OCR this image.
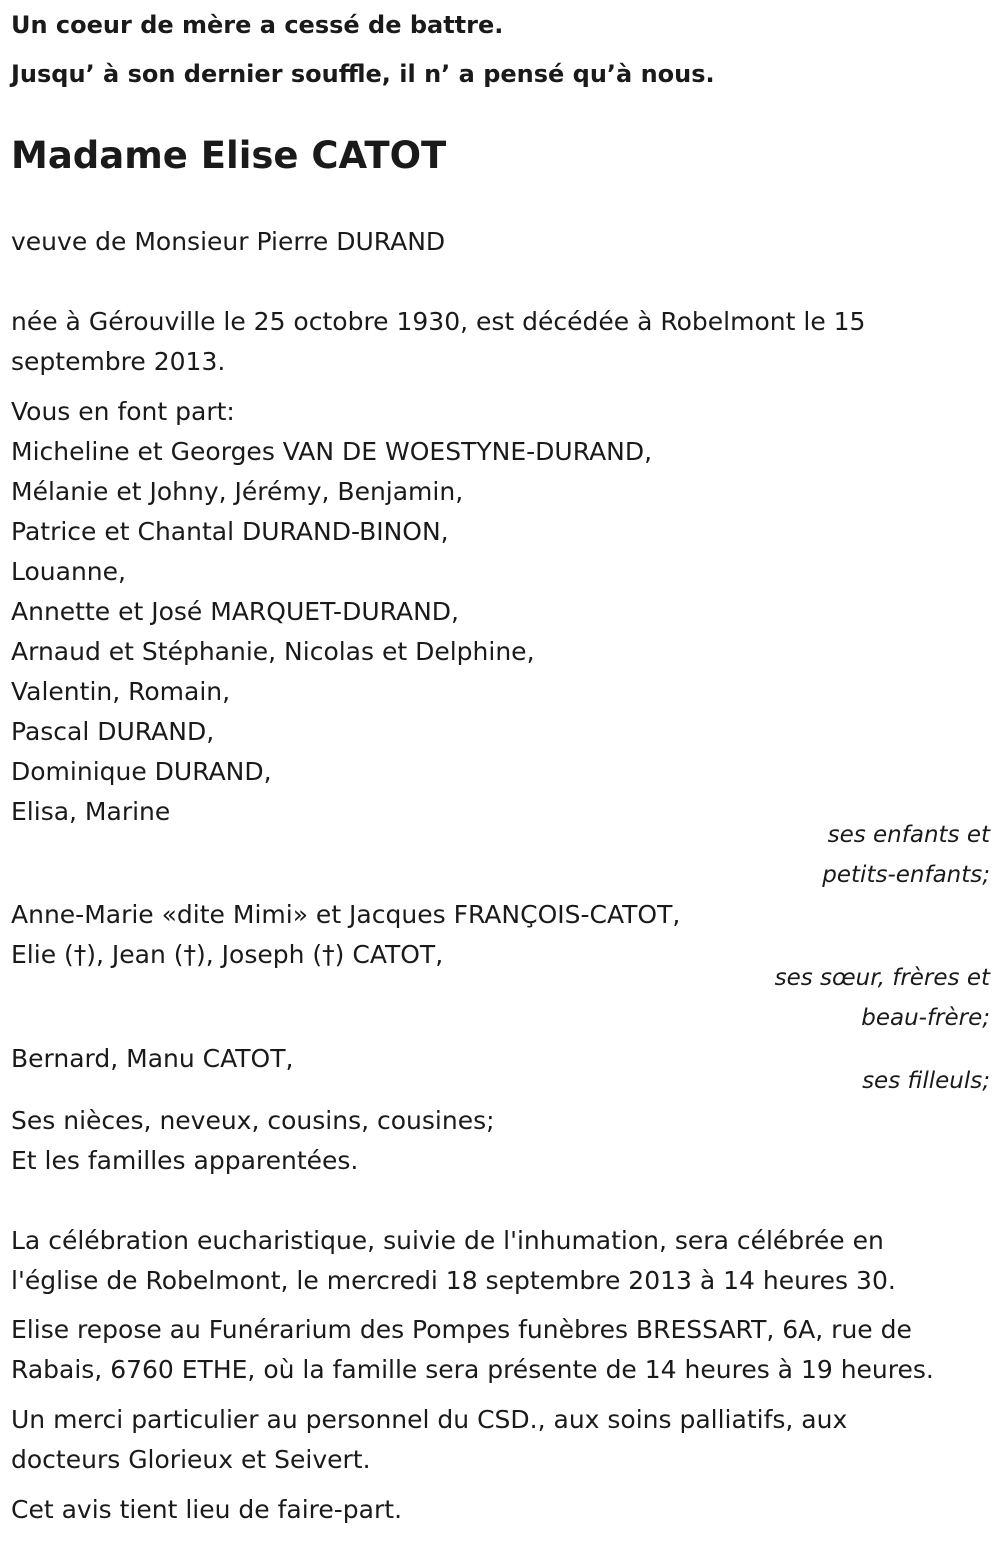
Un coeur de mère a cessé de battre.
Jusqu’ à son dernier souffle, il n’ a pensé qu’à nous.
Madame Elise CATOT
veuve de Monsieur Pierre DURAND
née à Gérouville le 25 octobre 1930, est décédée à Robelmont le 15
septembre 2013.
Vous en font part:
Micheline et Georges VAN DE WOESTYNE-DURAND,
Mélanie et Johny, Jérémy, Benjamin,
Patrice et Chantal DURAND-BINON,
Louanne,
Annette et José MARQUET-DURAND,
Arnaud et Stéphanie, Nicolas et Delphine,
Valentin, Romain,
Pascal DURAND,
Dominique DURAND,
Elisa, Marine
ses enfants et
petits-enfants;
Anne-Marie «dite Mimi» et Jacques FRANÇOIS-CATOT,
Elie (†), Jean (†), Joseph (†) CATOT,
ses sœur, frères et
beau-frère;
Bernard, Manu CATOT,
ses filleuls;
Ses nièces, neveux, cousins, cousines;
Et les familles apparentées.
La célébration eucharistique, suivie de l'inhumation, sera célébrée en
l'église de Robelmont, le mercredi 18 septembre 2013 à 14 heures 30.
Elise repose au Funérarium des Pompes funèbres BRESSART, 6A, rue de
Rabais, 6760 ETHE, où la famille sera présente de 14 heures à 19 heures.
Un merci particulier au personnel du CSD., aux soins palliatifs, aux
docteurs Glorieux et Seivert.
Cet avis tient lieu de faire-part.
